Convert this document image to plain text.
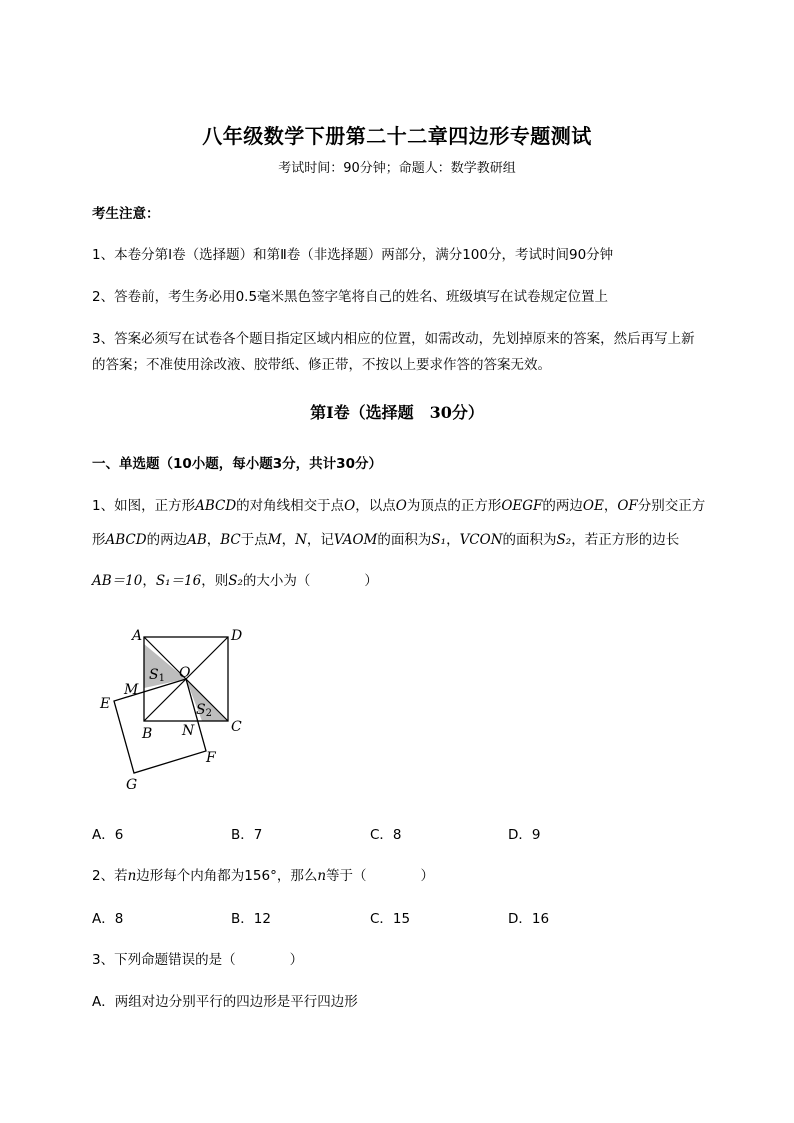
八年级数学下册第二十二章四边形专题测试
考试时间：90分钟；命题人：数学教研组
考生注意：
1、本卷分第Ⅰ卷（选择题）和第Ⅱ卷（非选择题）两部分，满分100分，考试时间90分钟
2、答卷前，考生务必用0.5毫米黑色签字笔将自己的姓名、班级填写在试卷规定位置上
3、答案必须写在试卷各个题目指定区域内相应的位置，如需改动，先划掉原来的答案，然后再写上新
的答案；不准使用涂改液、胶带纸、修正带，不按以上要求作答的答案无效。
第Ⅰ卷（选择题　30分）
一、单选题（10小题，每小题3分，共计30分）
1、如图，正方形ABCD的对角线相交于点O，以点O为顶点的正方形OEGF的两边OE，OF分别交正方
形ABCD的两边AB，BC于点M，N，记VAOM的面积为S₁，VCON的面积为S₂，若正方形的边长
AB＝10，S₁＝16，则S₂的大小为（　　　　）
A	D
O
S1
M
E	S2
B N	C
F
G
A．6	B．7	C．8	D．9
2、若n边形每个内角都为156°，那么n等于（　　　　）
A．8	B．12	C．15	D．16
3、下列命题错误的是（　　　　）
A．两组对边分别平行的四边形是平行四边形
